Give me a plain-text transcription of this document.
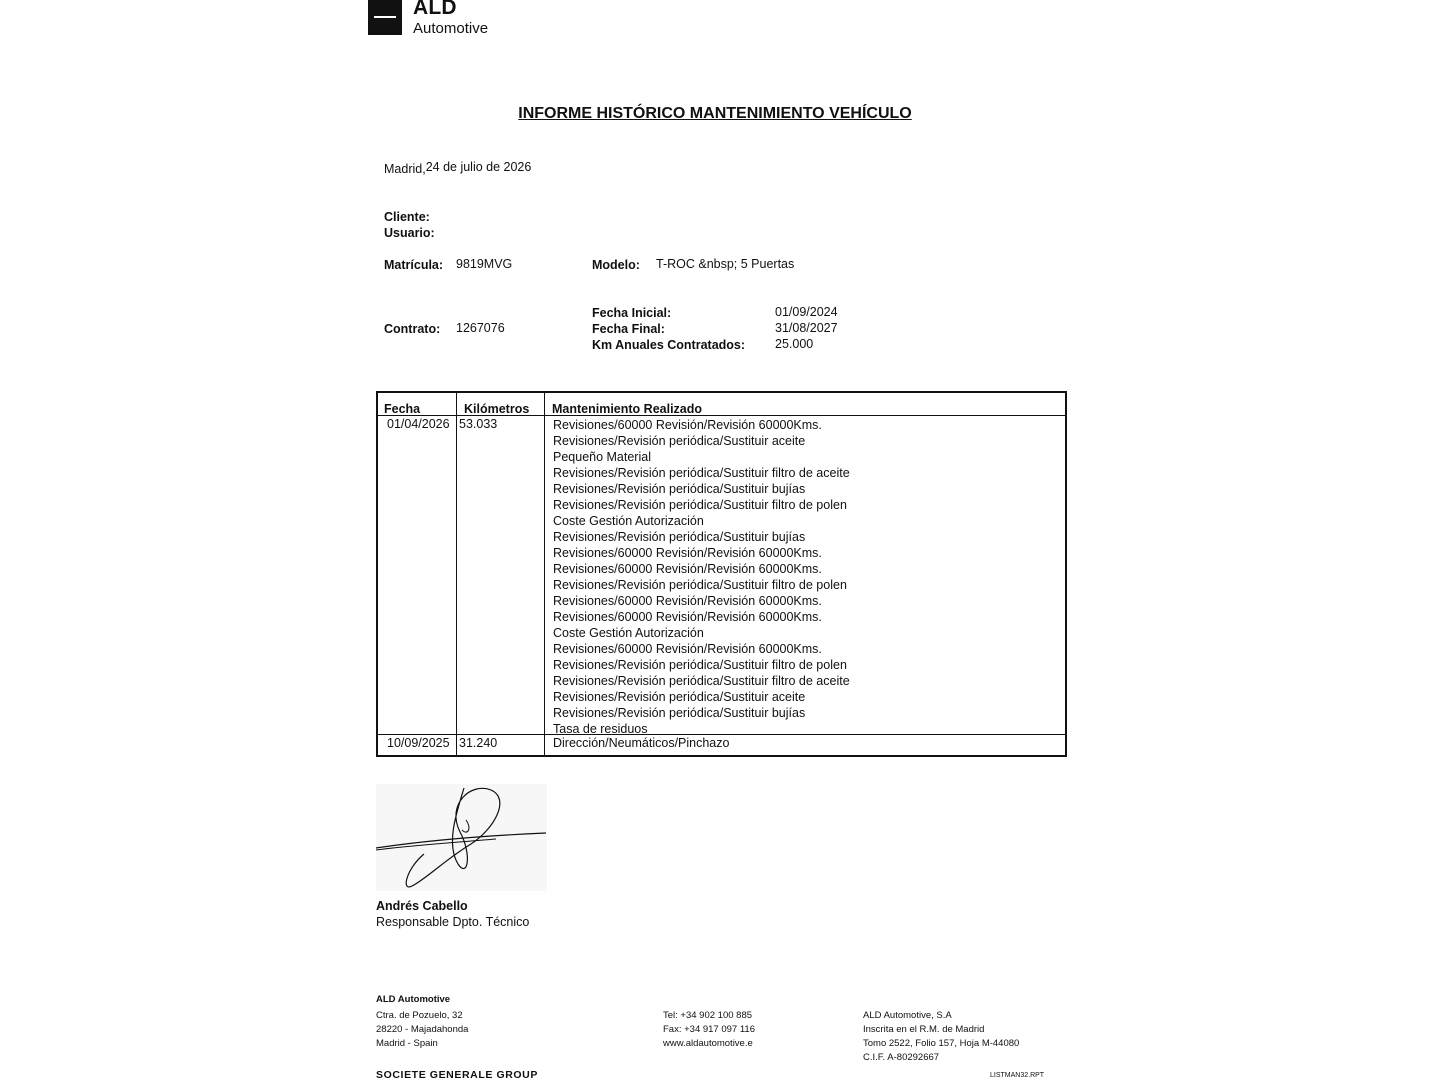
ALD
Automotive
INFORME HISTÓRICO MANTENIMIENTO VEHÍCULO
Madrid,24 de julio de 2026
Cliente:
Usuario:
Matrícula: 9819MVG	Modelo: T-ROC &nbsp; 5 Puertas
Fecha Inicial:	01/09/2024
Contrato: 1267076	Fecha Final:	31/08/2027
Km Anuales Contratados: 25.000
Fecha	Kilómetros Mantenimiento Realizado
01/04/2026 53.033	Revisiones/60000 Revisión/Revisión 60000Kms.
Revisiones/Revisión periódica/Sustituir aceite
Pequeño Material
Revisiones/Revisión periódica/Sustituir filtro de aceite
Revisiones/Revisión periódica/Sustituir bujías
Revisiones/Revisión periódica/Sustituir filtro de polen
Coste Gestión Autorización
Revisiones/Revisión periódica/Sustituir bujías
Revisiones/60000 Revisión/Revisión 60000Kms.
Revisiones/60000 Revisión/Revisión 60000Kms.
Revisiones/Revisión periódica/Sustituir filtro de polen
Revisiones/60000 Revisión/Revisión 60000Kms.
Revisiones/60000 Revisión/Revisión 60000Kms.
Coste Gestión Autorización
Revisiones/60000 Revisión/Revisión 60000Kms.
Revisiones/Revisión periódica/Sustituir filtro de polen
Revisiones/Revisión periódica/Sustituir filtro de aceite
Revisiones/Revisión periódica/Sustituir aceite
Revisiones/Revisión periódica/Sustituir bujías
Tasa de residuos
10/09/2025 31.240	Dirección/Neumáticos/Pinchazo
Andrés Cabello
Responsable Dpto. Técnico
ALD Automotive
Ctra. de Pozuelo, 32
28220 - Majadahonda
Madrid - Spain
Tel: +34 902 100 885
Fax: +34 917 097 116
www.aldautomotive.e
ALD Automotive, S.A
Inscrita en el R.M. de Madrid
Tomo 2522, Folio 157, Hoja M-44080
C.I.F. A-80292667
SOCIETE GENERALE GROUP	LISTMAN32.RPT
